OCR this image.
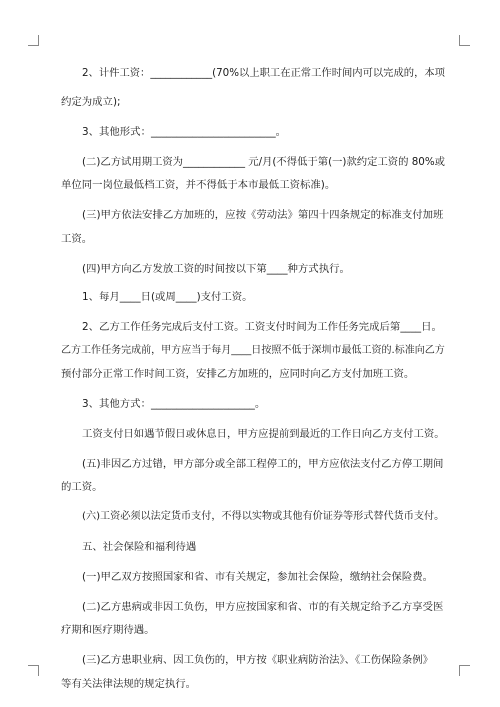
2、计件工资：____________(70%以上职工在正常工作时间内可以完成的，本项
约定为成立);
3、其他形式：________________________。
(二)乙方试用期工资为____________ 元/月(不得低于第(一)款约定工资的 80%或
单位同一岗位最低档工资，并不得低于本市最低工资标准)。
(三)甲方依法安排乙方加班的，应按《劳动法》第四十四条规定的标准支付加班
工资。
(四)甲方向乙方发放工资的时间按以下第____种方式执行。
1、每月____日(或周____)支付工资。
2、乙方工作任务完成后支付工资。工资支付时间为工作任务完成后第____日。
乙方工作任务完成前，甲方应当于每月____日按照不低于深圳市最低工资的.标准向乙方
预付部分正常工作时间工资，安排乙方加班的，应同时向乙方支付加班工资。
3、其他方式：____________________。
工资支付日如遇节假日或休息日，甲方应提前到最近的工作日向乙方支付工资。
(五)非因乙方过错，甲方部分或全部工程停工的，甲方应依法支付乙方停工期间
的工资。
(六)工资必须以法定货币支付，不得以实物或其他有价证券等形式替代货币支付。
五、社会保险和福利待遇
(一)甲乙双方按照国家和省、市有关规定，参加社会保险，缴纳社会保险费。
(二)乙方患病或非因工负伤，甲方应按国家和省、市的有关规定给予乙方享受医
疗期和医疗期待遇。
(三)乙方患职业病、因工负伤的，甲方按《职业病防治法》、《工伤保险条例》
等有关法律法规的规定执行。
